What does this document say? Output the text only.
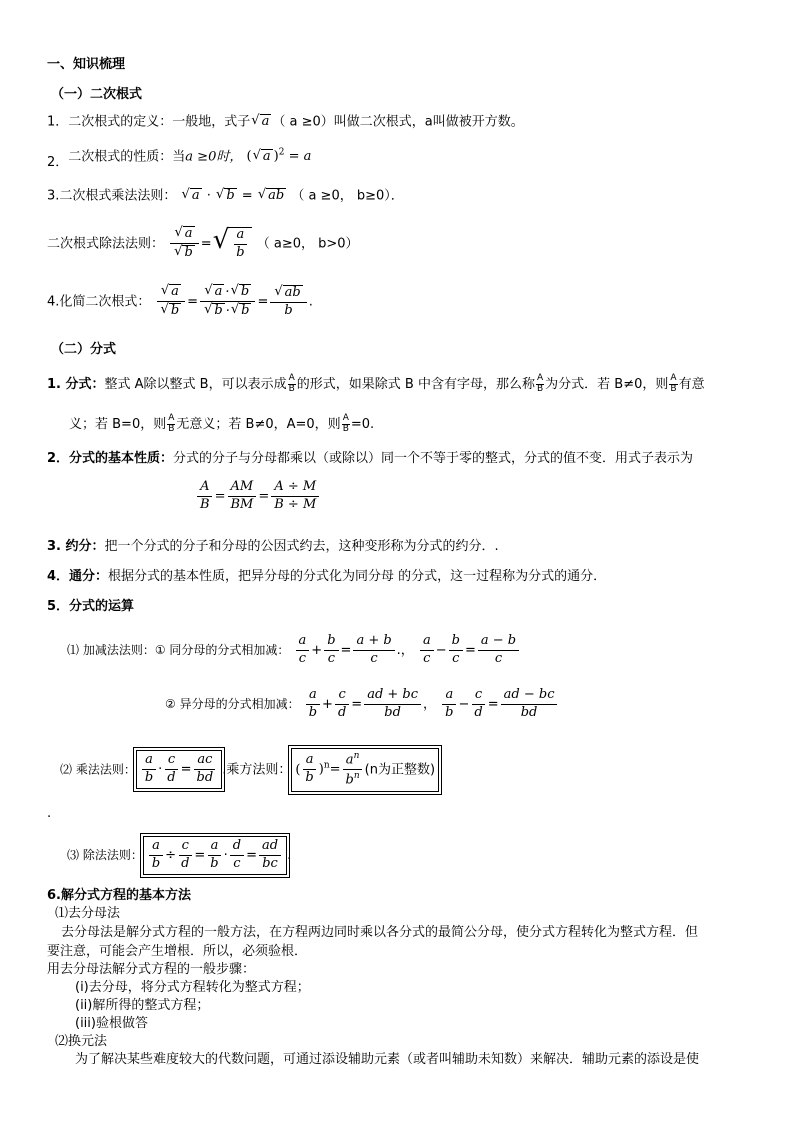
一、知识梳理
（一）二次根式
1．二次根式的定义：一般地，式子 √ a （ a ≥0）叫做二次根式，a叫做被开方数。
2．二次根式的性质：当a ≥0时， ( √ a )$^2$ = a
3.二次根式乘法法则： √ a · √ b = √ ab （ a ≥0， b≥0）．
二次根式除法法则： $\frac{√ a}{√ b}$ = √ $\frac{a}{b}$ （ a≥0， b>0）
4.化简二次根式： $\frac{√ a}{√ b} = \frac{√ a \cdot √ b}{√ b \cdot √ b} = \frac{√ ab}{b}$ .
（二）分式
1. 分式：整式 A除以整式 B，可以表示成 $\frac{A}{B}$ 的形式，如果除式 B 中含有字母，那么称 $\frac{A}{B}$ 为分式．若 B≠0，则 $\frac{A}{B}$ 有意
义；若 B=0，则 $\frac{A}{B}$ 无意义；若 B≠0，A=0，则 $\frac{A}{B} =0$.
2．分式的基本性质：分式的分子与分母都乘以（或除以）同一个不等于零的整式，分式的值不变．用式子表示为
$\frac{A}{B} = \frac{AM}{BM} = \frac{A \div M}{B \div M}$
3. 约分：把一个分式的分子和分母的公因式约去，这种变形称为分式的约分．.
4．通分：根据分式的基本性质，把异分母的分式化为同分母 的分式，这一过程称为分式的通分．
5．分式的运算
⑴ 加减法法则：① 同分母的分式相加减： $\frac{a}{c} + \frac{b}{c} = \frac{a + b}{c}$ .， $\frac{a}{c} - \frac{b}{c} = \frac{a - b}{c}$
② 异分母的分式相加减： $\frac{a}{b} + \frac{c}{d} = \frac{ad + bc}{bd}$ ， $\frac{a}{b} - \frac{c}{d} = \frac{ad - bc}{bd}$
⑵ 乘法法则： $\frac{a}{b} \cdot \frac{c}{d} = \frac{ac}{bd}$ .乘方法则： ( $\frac{a}{b} )^n= \frac{a^n}{b^n} (n$为正整数)
.
⑶ 除法法则： $\frac{a}{b} \div \frac{c}{d} = \frac{a}{b} \cdot \frac{d}{c} = \frac{ad}{bc}$ .
6.解分式方程的基本方法
⑴去分母法
去分母法是解分式方程的一般方法，在方程两边同时乘以各分式的最简公分母，使分式方程转化为整式方程．但
要注意，可能会产生增根．所以，必须验根．
用去分母法解分式方程的一般步骤：
(i)去分母，将分式方程转化为整式方程；
(ii)解所得的整式方程；
(iii)验根做答
⑵换元法
为了解决某些难度较大的代数问题，可通过添设辅助元素（或者叫辅助未知数）来解决．辅助元素的添设是使
